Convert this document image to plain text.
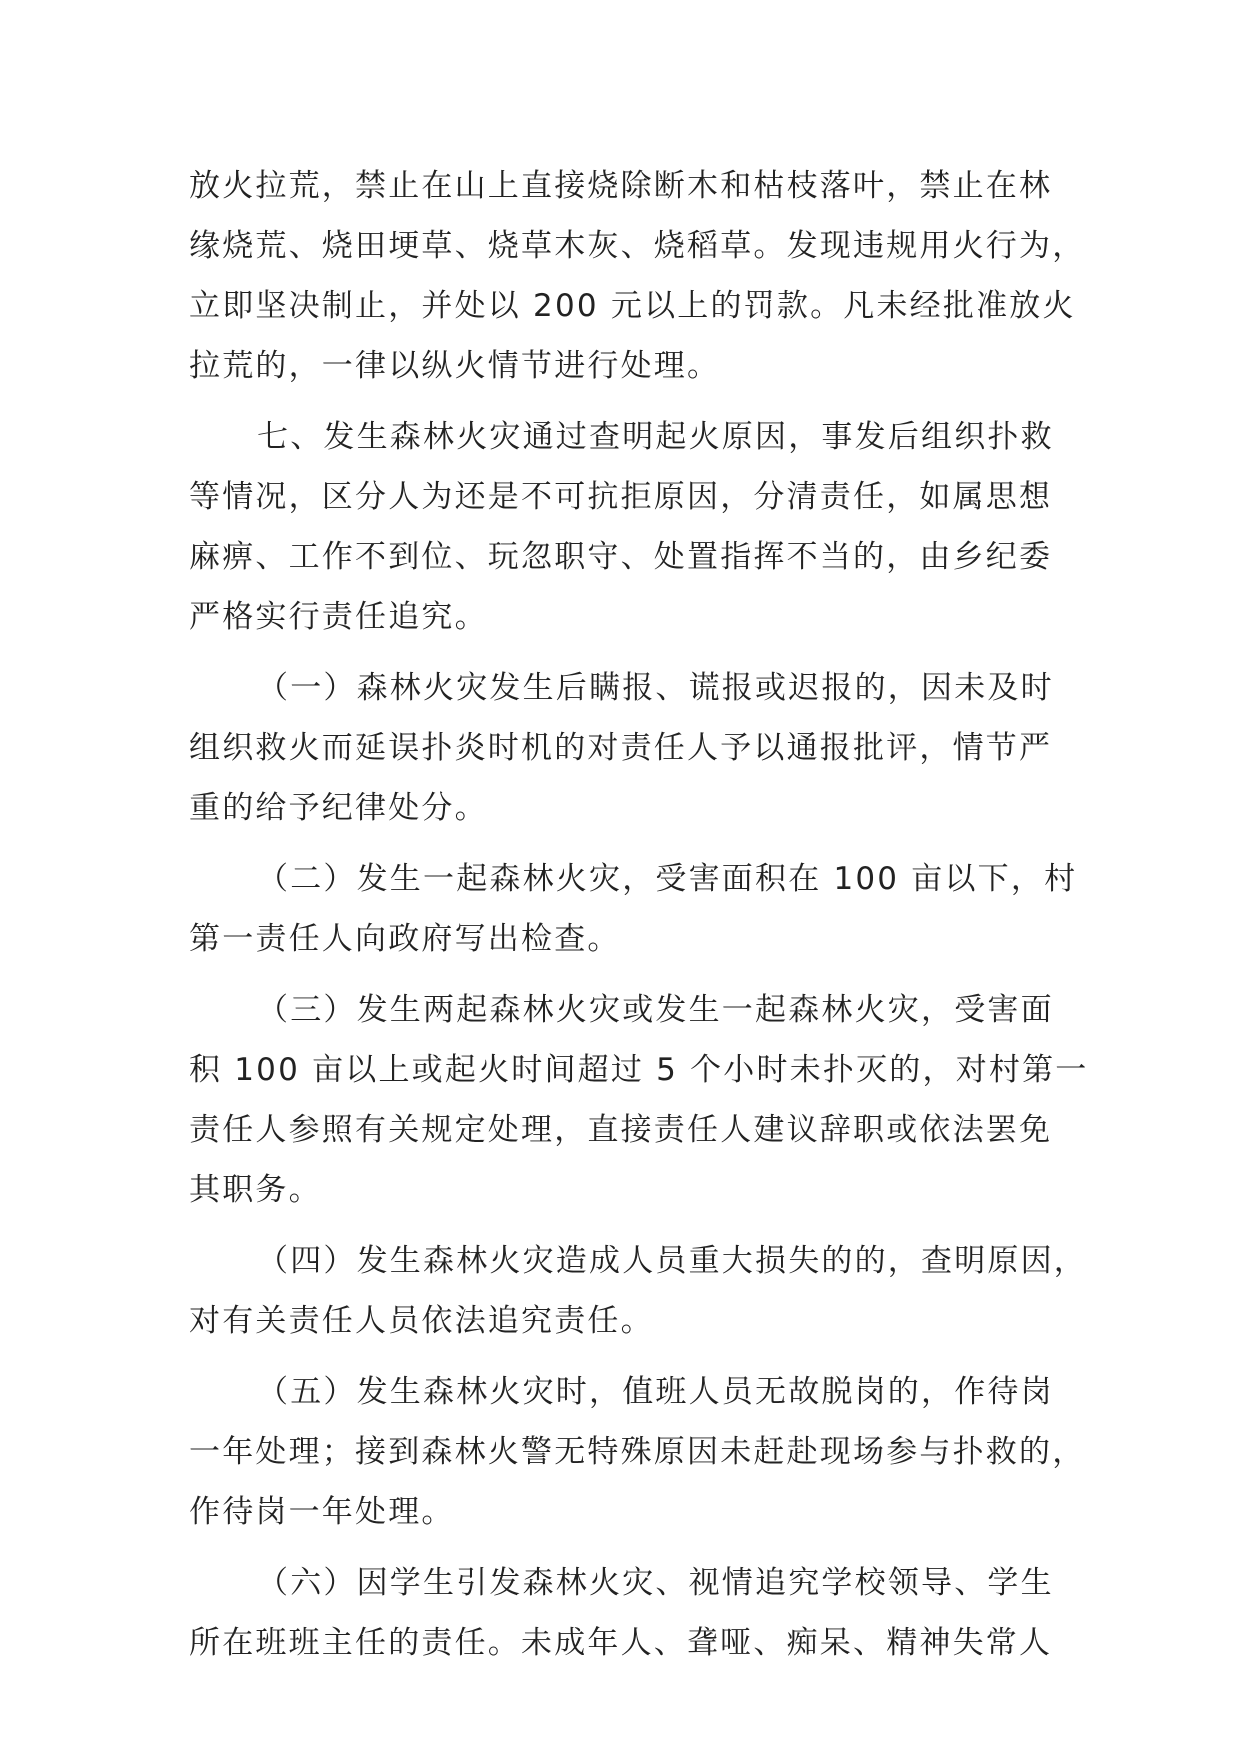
放火拉荒，禁止在山上直接烧除断木和枯枝落叶，禁止在林
缘烧荒、烧田埂草、烧草木灰、烧稻草。发现违规用火行为，
立即坚决制止，并处以 200 元以上的罚款。凡未经批准放火
拉荒的，一律以纵火情节进行处理。
七、发生森林火灾通过查明起火原因，事发后组织扑救
等情况，区分人为还是不可抗拒原因，分清责任，如属思想
麻痹、工作不到位、玩忽职守、处置指挥不当的，由乡纪委
严格实行责任追究。
（一）森林火灾发生后瞒报、谎报或迟报的，因未及时
组织救火而延误扑炎时机的对责任人予以通报批评，情节严
重的给予纪律处分。
（二）发生一起森林火灾，受害面积在 100 亩以下，村
第一责任人向政府写出检查。
（三）发生两起森林火灾或发生一起森林火灾，受害面
积 100 亩以上或起火时间超过 5 个小时未扑灭的，对村第一
责任人参照有关规定处理，直接责任人建议辞职或依法罢免
其职务。
（四）发生森林火灾造成人员重大损失的的，查明原因，
对有关责任人员依法追究责任。
（五）发生森林火灾时，值班人员无故脱岗的，作待岗
一年处理；接到森林火警无特殊原因未赶赴现场参与扑救的，
作待岗一年处理。
（六）因学生引发森林火灾、视情追究学校领导、学生
所在班班主任的责任。未成年人、聋哑、痴呆、精神失常人
